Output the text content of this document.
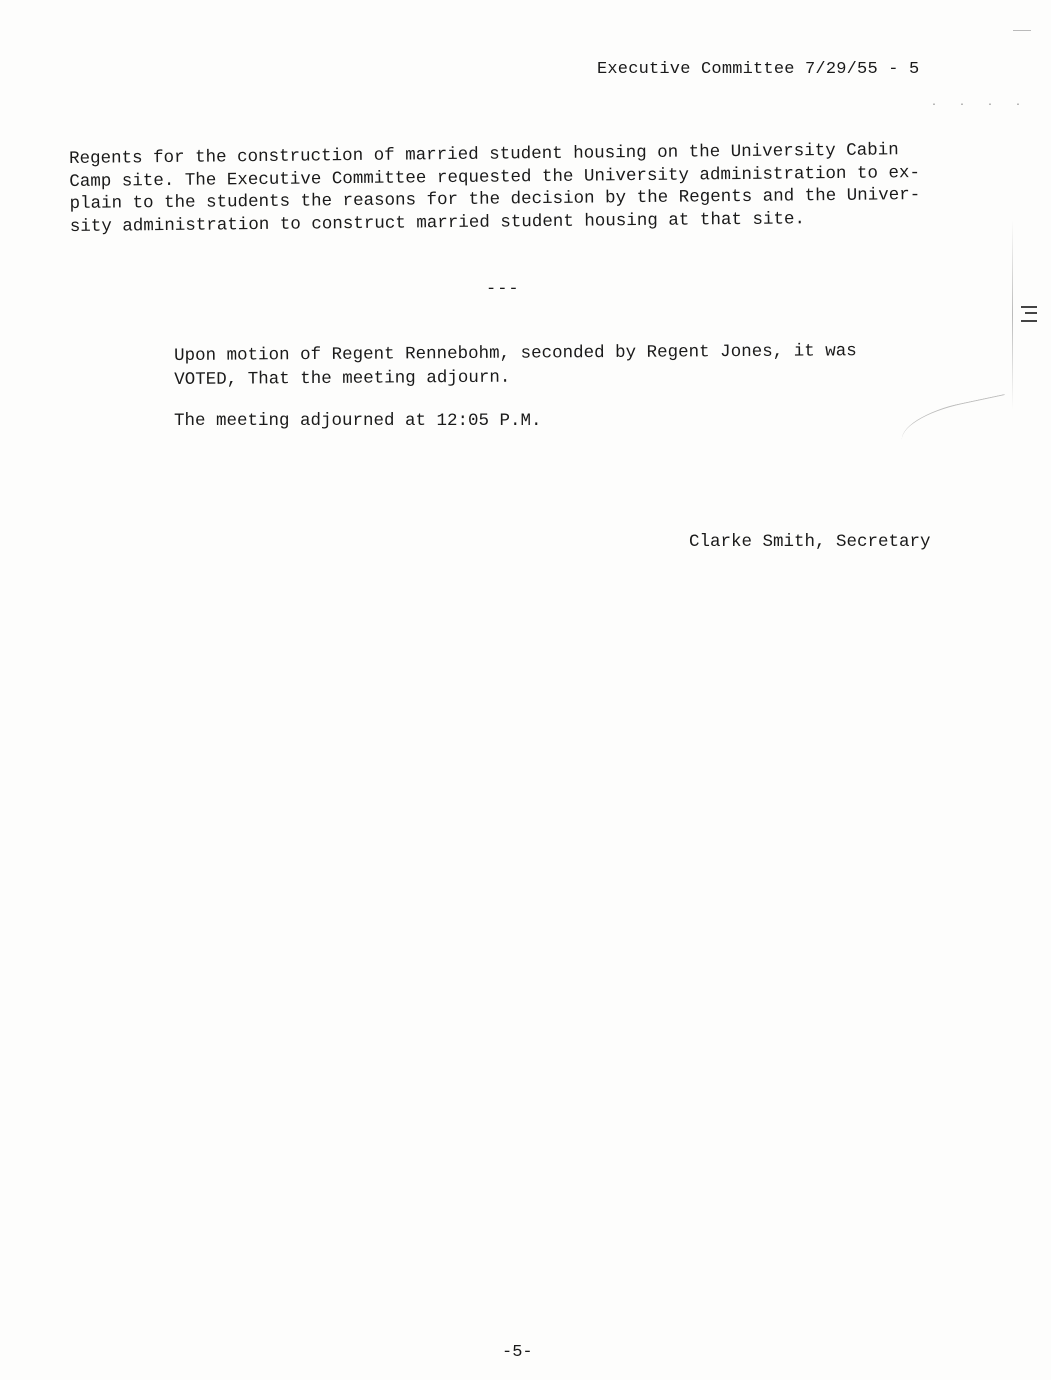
· · · ·
Executive Committee 7/29/55 - 5
Regents for the construction of married student housing on the University Cabin
Camp site. The Executive Committee requested the University administration to ex-
plain to the students the reasons for the decision by the Regents and the Univer-
sity administration to construct married student housing at that site.
---
Upon motion of Regent Rennebohm, seconded by Regent Jones, it was
VOTED, That the meeting adjourn.
The meeting adjourned at 12:05 P.M.
Clarke Smith, Secretary
-5-
